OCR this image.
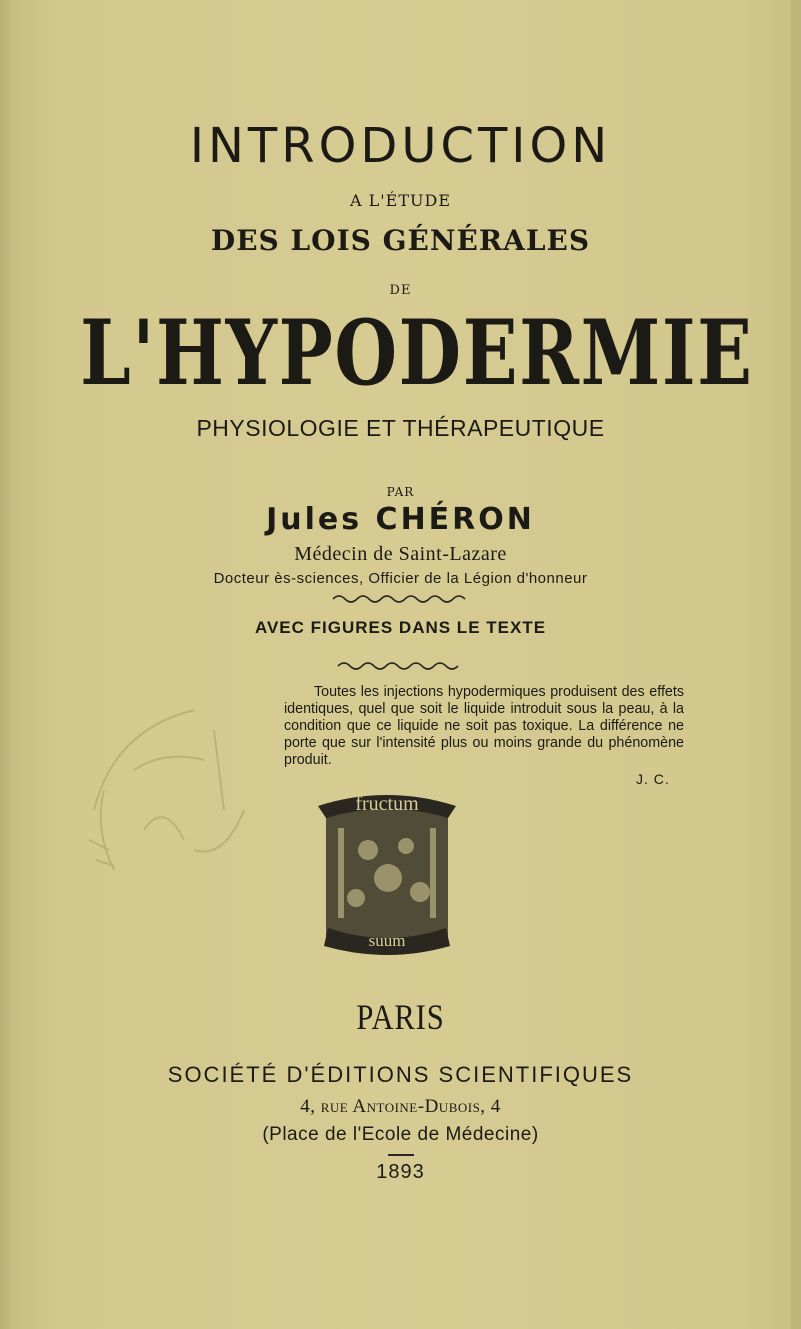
INTRODUCTION
A L'ÉTUDE
DES LOIS GÉNÉRALES
DE
L'HYPODERMIE
PHYSIOLOGIE ET THÉRAPEUTIQUE
PAR
Jules CHÉRON
Médecin de Saint-Lazare
Docteur ès-sciences, Officier de la Légion d'honneur
AVEC FIGURES DANS LE TEXTE

Toutes les injections hypodermiques produisent des effets identiques, quel que soit le liquide introduit sous la peau, à la condition que ce liquide ne soit pas toxique. La différence ne porte que sur l'intensité plus ou moins grande du phénomène produit.

J. C.
fructum
suum
PARIS
SOCIÉTÉ D'ÉDITIONS SCIENTIFIQUES
4, rue Antoine-Dubois, 4
(Place de l'Ecole de Médecine)
1893
